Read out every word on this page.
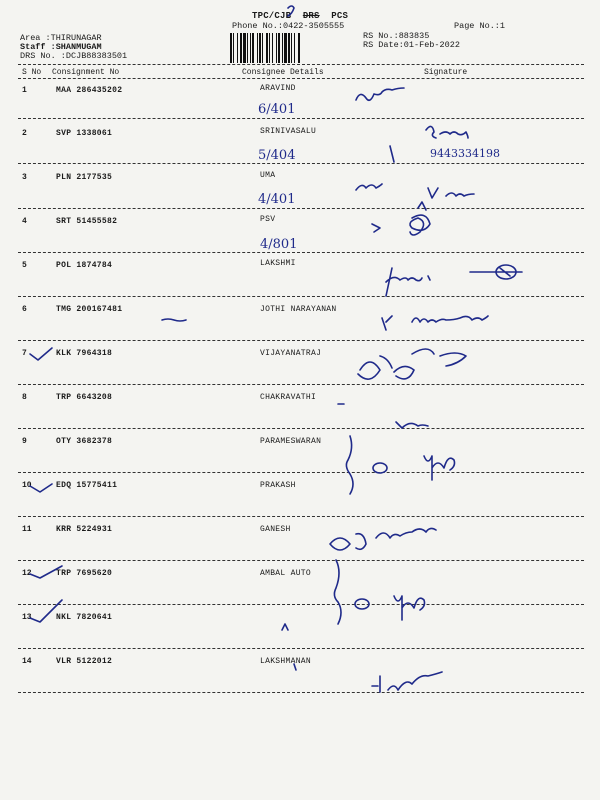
TPC/CJB DRS PCS
Phone No.:0422-3505555	Page No.:1
Area :THIRUNAGAR
Staff :SHANMUGAM
DRS No. :DCJB88383501
RS No.:883835
RS Date:01-Feb-2022
S No Consignment No	Consignee Details	Signature
1	MAA 286435202	ARAVIND
2	SVP 1338061	SRINIVASALU
3	PLN 2177535	UMA
4	SRT 51455582	PSV
5	POL 1874784	LAKSHMI
6	TMG 200167481	JOTHI NARAYANAN
7	KLK 7964318	VIJAYANATRAJ
8	TRP 6643208	CHAKRAVATHI
9	OTY 3682378	PARAMESWARAN
10	EDQ 15775411	PRAKASH
11	KRR 5224931	GANESH
12	TRP 7695620	AMBAL AUTO
13	NKL 7820641
14	VLR 5122012	LAKSHMANAN
6/401
5/404	9443334198
4/401
4/801
